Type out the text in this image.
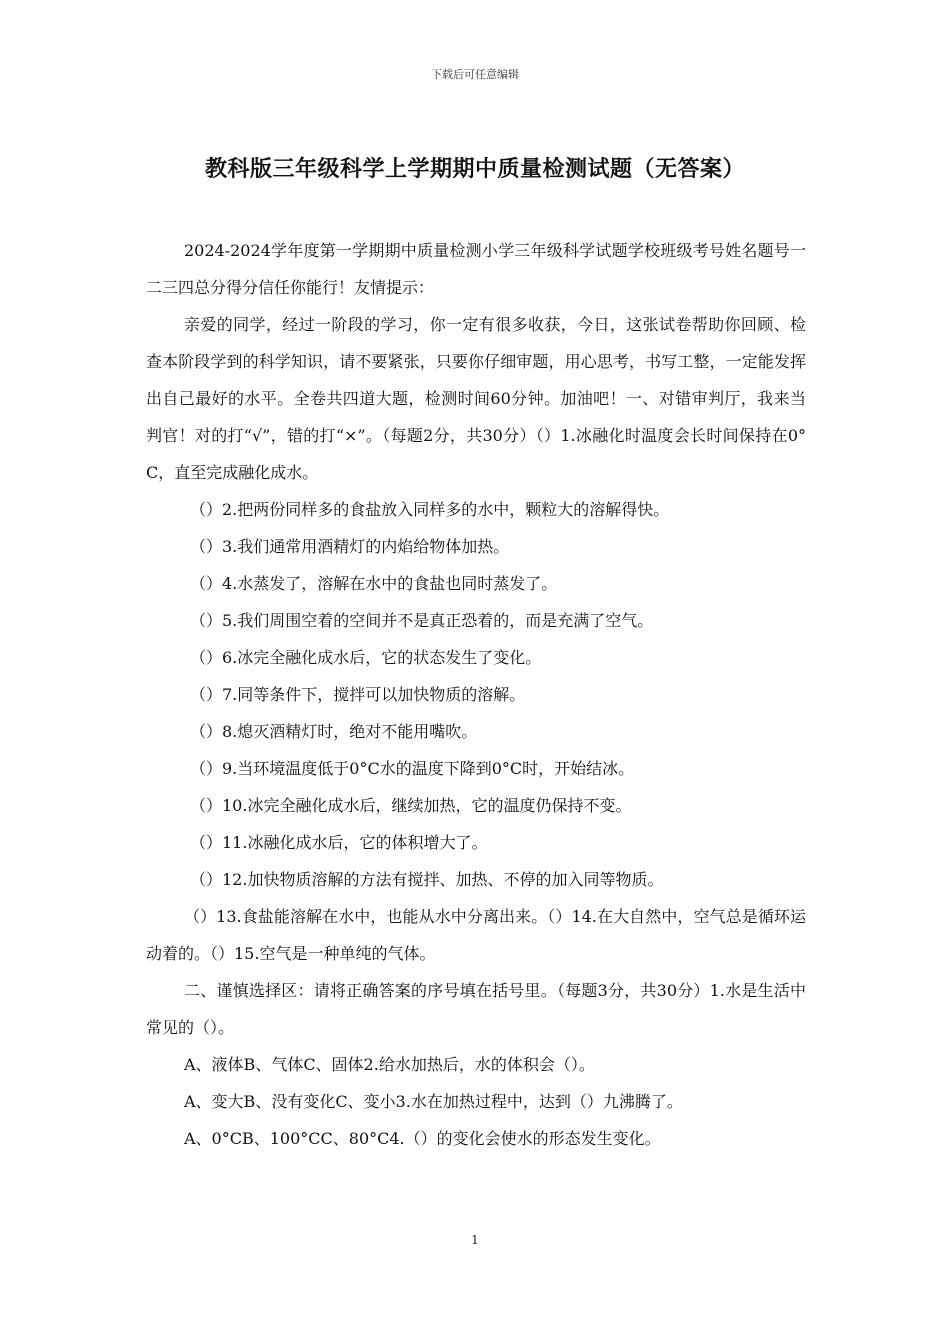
下载后可任意编辑
教科版三年级科学上学期期中质量检测试题（无答案）

2024-2024学年度第一学期期中质量检测小学三年级科学试题学校班级考号姓名题号一二三四总分得分信任你能行！友情提示：

亲爱的同学，经过一阶段的学习，你一定有很多收获，今日，这张试卷帮助你回顾、检查本阶段学到的科学知识，请不要紧张，只要你仔细审题，用心思考，书写工整，一定能发挥出自己最好的水平。全卷共四道大题，检测时间60分钟。加油吧！一、对错审判厅，我来当判官！对的打“√”，错的打“×”。（每题2分，共30分）（）1.冰融化时温度会长时间保持在0°C，直至完成融化成水。

（）2.把两份同样多的食盐放入同样多的水中，颗粒大的溶解得快。

（）3.我们通常用酒精灯的内焰给物体加热。

（）4.水蒸发了，溶解在水中的食盐也同时蒸发了。

（）5.我们周围空着的空间并不是真正恐着的，而是充满了空气。

（）6.冰完全融化成水后，它的状态发生了变化。

（）7.同等条件下，搅拌可以加快物质的溶解。

（）8.熄灭酒精灯时，绝对不能用嘴吹。

（）9.当环境温度低于0°C水的温度下降到0°C时，开始结冰。

（）10.冰完全融化成水后，继续加热，它的温度仍保持不变。

（）11.冰融化成水后，它的体积增大了。

（）12.加快物质溶解的方法有搅拌、加热、不停的加入同等物质。

（）13.食盐能溶解在水中，也能从水中分离出来。（）14.在大自然中，空气总是循环运动着的。（）15.空气是一种单纯的气体。

二、谨慎选择区：请将正确答案的序号填在括号里。（每题3分，共30分）1.水是生活中常见的（）。

A、液体B、气体C、固体2.给水加热后，水的体积会（）。

A、变大B、没有变化C、变小3.水在加热过程中，达到（）九沸腾了。

A、0°CB、100°CC、80°C4.（）的变化会使水的形态发生变化。

1
